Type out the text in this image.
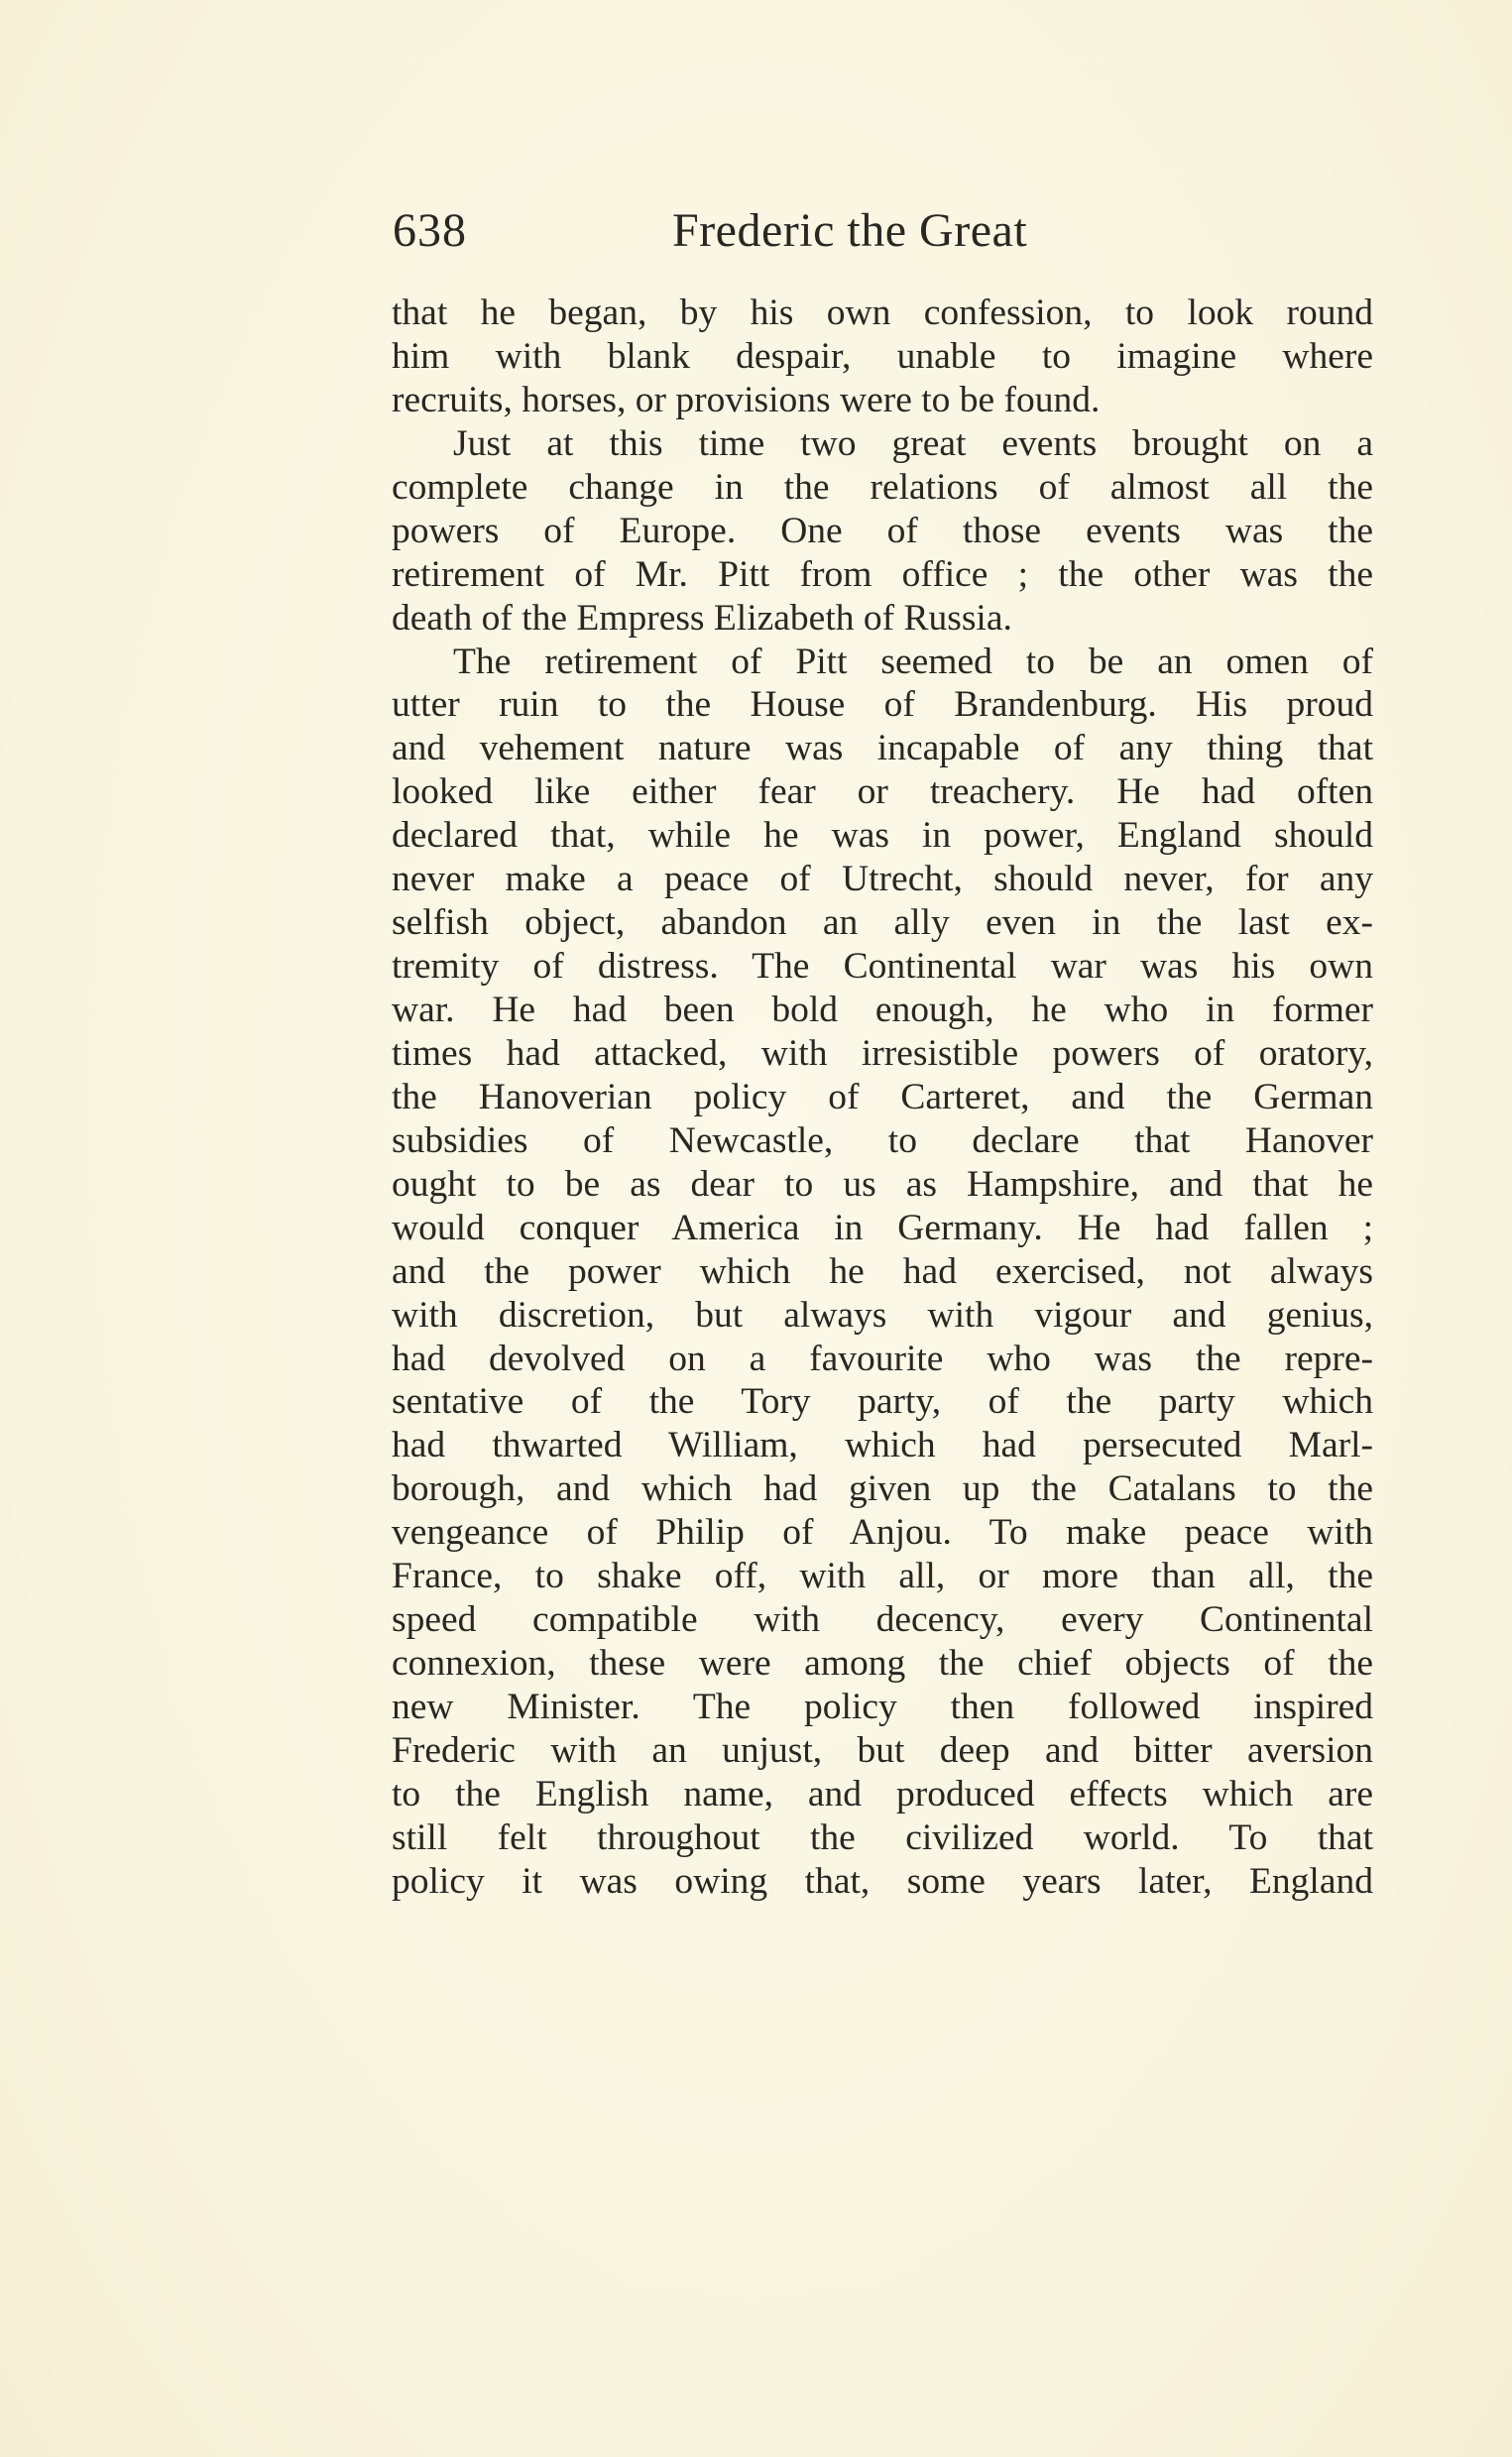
638	Frederic the Great
that he began, by his own confession, to look round
him with blank despair, unable to imagine where
recruits, horses, or provisions were to be found.
Just at this time two great events brought on a
complete change in the relations of almost all the
powers of Europe. One of those events was the
retirement of Mr. Pitt from office ; the other was the
death of the Empress Elizabeth of Russia.
The retirement of Pitt seemed to be an omen of
utter ruin to the House of Brandenburg. His proud
and vehement nature was incapable of any thing that
looked like either fear or treachery. He had often
declared that, while he was in power, England should
never make a peace of Utrecht, should never, for any
selfish object, abandon an ally even in the last ex-
tremity of distress. The Continental war was his own
war. He had been bold enough, he who in former
times had attacked, with irresistible powers of oratory,
the Hanoverian policy of Carteret, and the German
subsidies of Newcastle, to declare that Hanover
ought to be as dear to us as Hampshire, and that he
would conquer America in Germany. He had fallen ;
and the power which he had exercised, not always
with discretion, but always with vigour and genius,
had devolved on a favourite who was the repre-
sentative of the Tory party, of the party which
had thwarted William, which had persecuted Marl-
borough, and which had given up the Catalans to the
vengeance of Philip of Anjou. To make peace with
France, to shake off, with all, or more than all, the
speed compatible with decency, every Continental
connexion, these were among the chief objects of the
new Minister. The policy then followed inspired
Frederic with an unjust, but deep and bitter aversion
to the English name, and produced effects which are
still felt throughout the civilized world. To that
policy it was owing that, some years later, England
